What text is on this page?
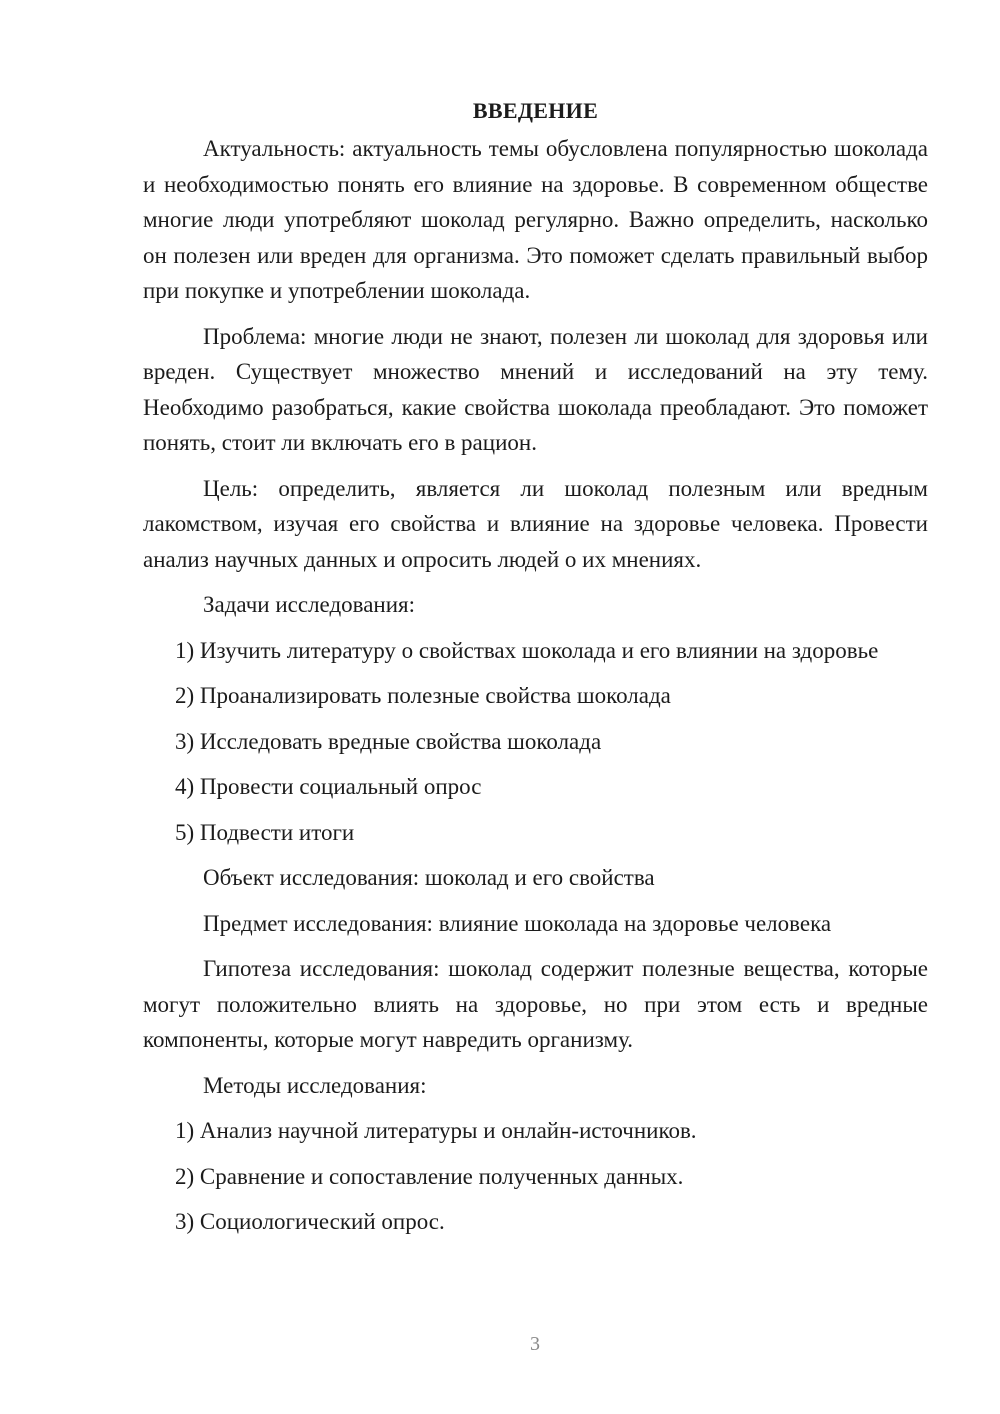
ВВЕДЕНИЕ

Актуальность: актуальность темы обусловлена популярностью шоколада и необходимостью понять его влияние на здоровье. В современном обществе многие люди употребляют шоколад регулярно. Важно определить, насколько он полезен или вреден для организма. Это поможет сделать правильный выбор при покупке и употреблении шоколада.

Проблема: многие люди не знают, полезен ли шоколад для здоровья или вреден. Существует множество мнений и исследований на эту тему. Необходимо разобраться, какие свойства шоколада преобладают. Это поможет понять, стоит ли включать его в рацион.

Цель: определить, является ли шоколад полезным или вредным лакомством, изучая его свойства и влияние на здоровье человека. Провести анализ научных данных и опросить людей о их мнениях.

Задачи исследования:

1) Изучить литературу о свойствах шоколада и его влиянии на здоровье

2) Проанализировать полезные свойства шоколада

3) Исследовать вредные свойства шоколада

4) Провести социальный опрос

5) Подвести итоги

Объект исследования: шоколад и его свойства

Предмет исследования: влияние шоколада на здоровье человека

Гипотеза исследования: шоколад содержит полезные вещества, которые могут положительно влиять на здоровье, но при этом есть и вредные компоненты, которые могут навредить организму.

Методы исследования:

1) Анализ научной литературы и онлайн-источников.

2) Сравнение и сопоставление полученных данных.

3) Социологический опрос.

3
